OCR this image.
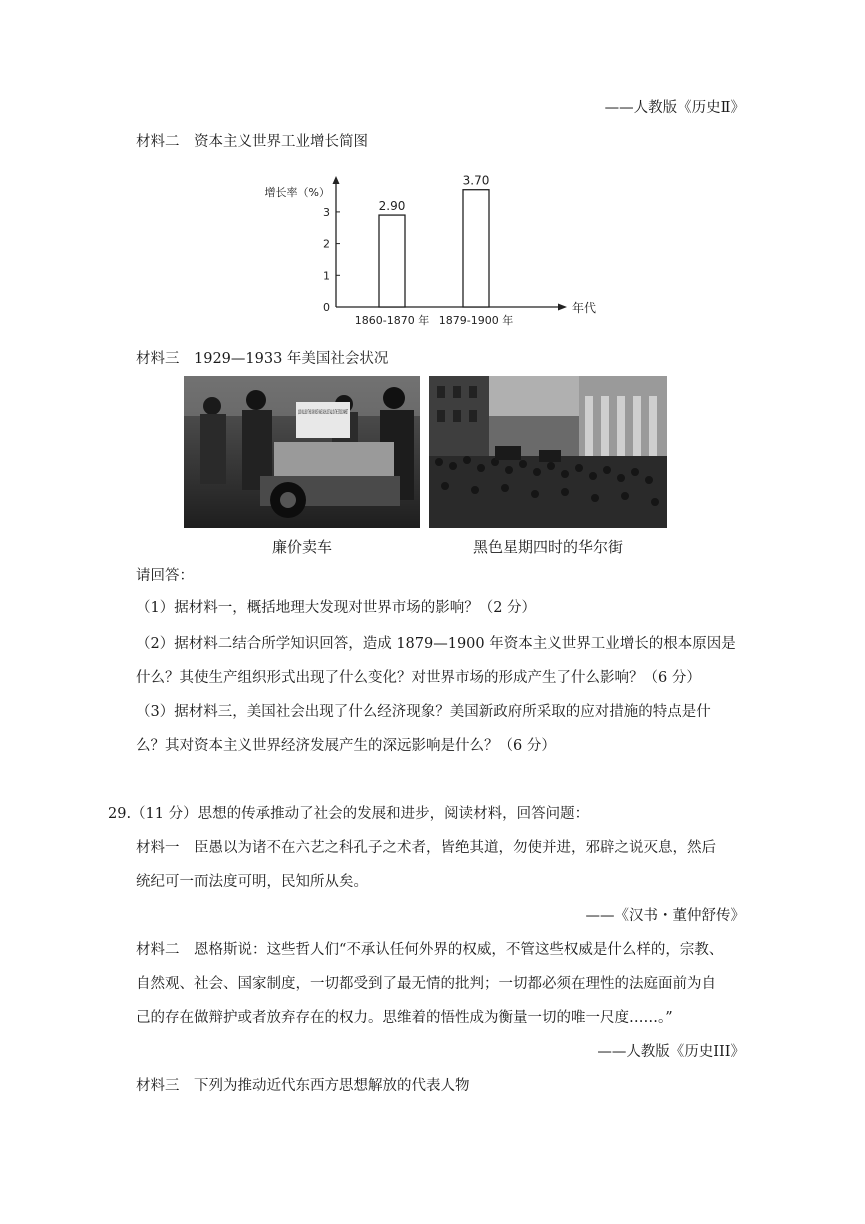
——人教版《历史Ⅱ》
材料二　资本主义世界工业增长简图
增长率（%）
年代
0
1
2
3	2.90
1860-1870 年
3.70
1879-1900 年
材料三　1929—1933 年美国社会状况
$100 WILL BUY THIS CAR MUST HAVE CASH LOST ALL ON THE STOCK MARKET
廉价卖车	黑色星期四时的华尔街
请回答：
（1）据材料一，概括地理大发现对世界市场的影响？（2 分）
（2）据材料二结合所学知识回答，造成 1879—1900 年资本主义世界工业增长的根本原因是
什么？其使生产组织形式出现了什么变化？对世界市场的形成产生了什么影响？（6 分）
（3）据材料三，美国社会出现了什么经济现象？美国新政府所采取的应对措施的特点是什
么？其对资本主义世界经济发展产生的深远影响是什么？（6 分）
29.（11 分）思想的传承推动了社会的发展和进步，阅读材料，回答问题：
材料一　臣愚以为诸不在六艺之科孔子之术者，皆绝其道，勿使并进，邪辟之说灭息，然后
统纪可一而法度可明，民知所从矣。
——《汉书・董仲舒传》
材料二　恩格斯说：这些哲人们“不承认任何外界的权威，不管这些权威是什么样的，宗教、
自然观、社会、国家制度，一切都受到了最无情的批判；一切都必须在理性的法庭面前为自
己的存在做辩护或者放弃存在的权力。思维着的悟性成为衡量一切的唯一尺度……。”
——人教版《历史III》
材料三　下列为推动近代东西方思想解放的代表人物
